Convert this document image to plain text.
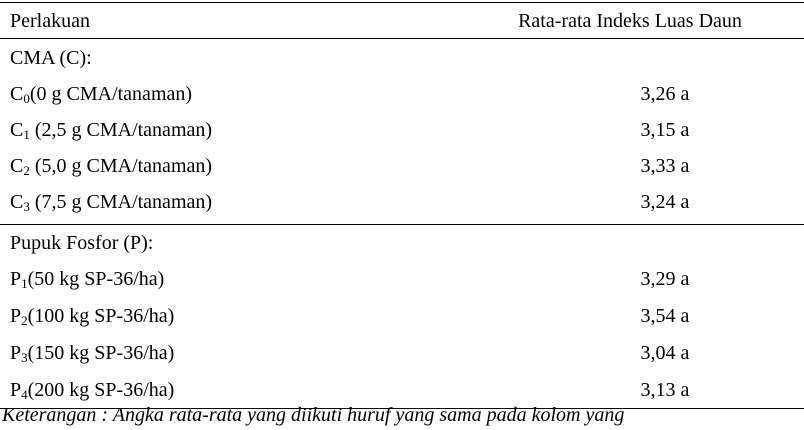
Perlakuan	Rata-rata Indeks Luas Daun
CMA (C):
$C_0(0$ g CMA/tanaman)	3,26 a
$C_1$ (2,5 g CMA/tanaman)	3,15 a
$C_2$ (5,0 g CMA/tanaman)	3,33 a
$C_3$ (7,5 g CMA/tanaman)	3,24 a
Pupuk Fosfor (P):
$P_1(50$ kg SP-36/ha)	3,29 a
$P_2(100$ kg SP-36/ha)	3,54 a
$P_3(150$ kg SP-36/ha)	3,04 a
$P_4(200$ kg SP-36/ha)	3,13 a
Keterangan : Angka rata-rata yang diikuti huruf yang sama pada kolom yang
